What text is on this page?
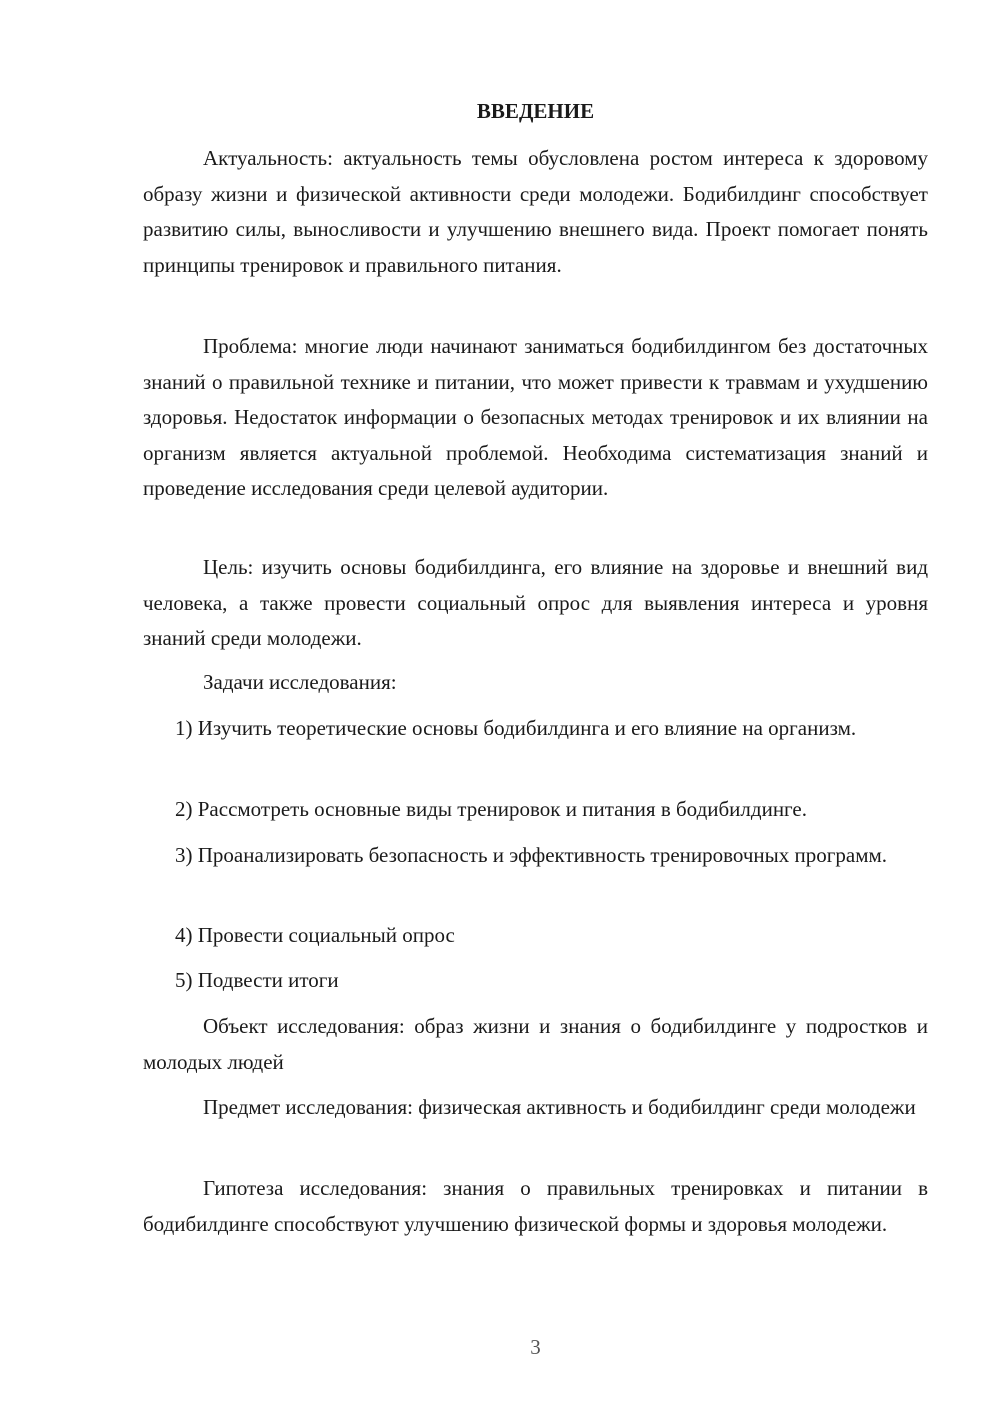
ВВЕДЕНИЕ

Актуальность: актуальность темы обусловлена ростом интереса к здоровому образу жизни и физической активности среди молодежи. Бодибилдинг способствует развитию силы, выносливости и улучшению внешнего вида. Проект помогает понять принципы тренировок и правильного питания.

Проблема: многие люди начинают заниматься бодибилдингом без достаточных знаний о правильной технике и питании, что может привести к травмам и ухудшению здоровья. Недостаток информации о безопасных методах тренировок и их влиянии на организм является актуальной проблемой. Необходима систематизация знаний и проведение исследования среди целевой аудитории.

Цель: изучить основы бодибилдинга, его влияние на здоровье и внешний вид человека, а также провести социальный опрос для выявления интереса и уровня знаний среди молодежи.

Задачи исследования:

1) Изучить теоретические основы бодибилдинга и его влияние на организм.

2) Рассмотреть основные виды тренировок и питания в бодибилдинге.

3) Проанализировать безопасность и эффективность тренировочных программ.

4) Провести социальный опрос

5) Подвести итоги

Объект исследования: образ жизни и знания о бодибилдинге у подростков и молодых людей

Предмет исследования: физическая активность и бодибилдинг среди молодежи

Гипотеза исследования: знания о правильных тренировках и питании в бодибилдинге способствуют улучшению физической формы и здоровья молодежи.

3
